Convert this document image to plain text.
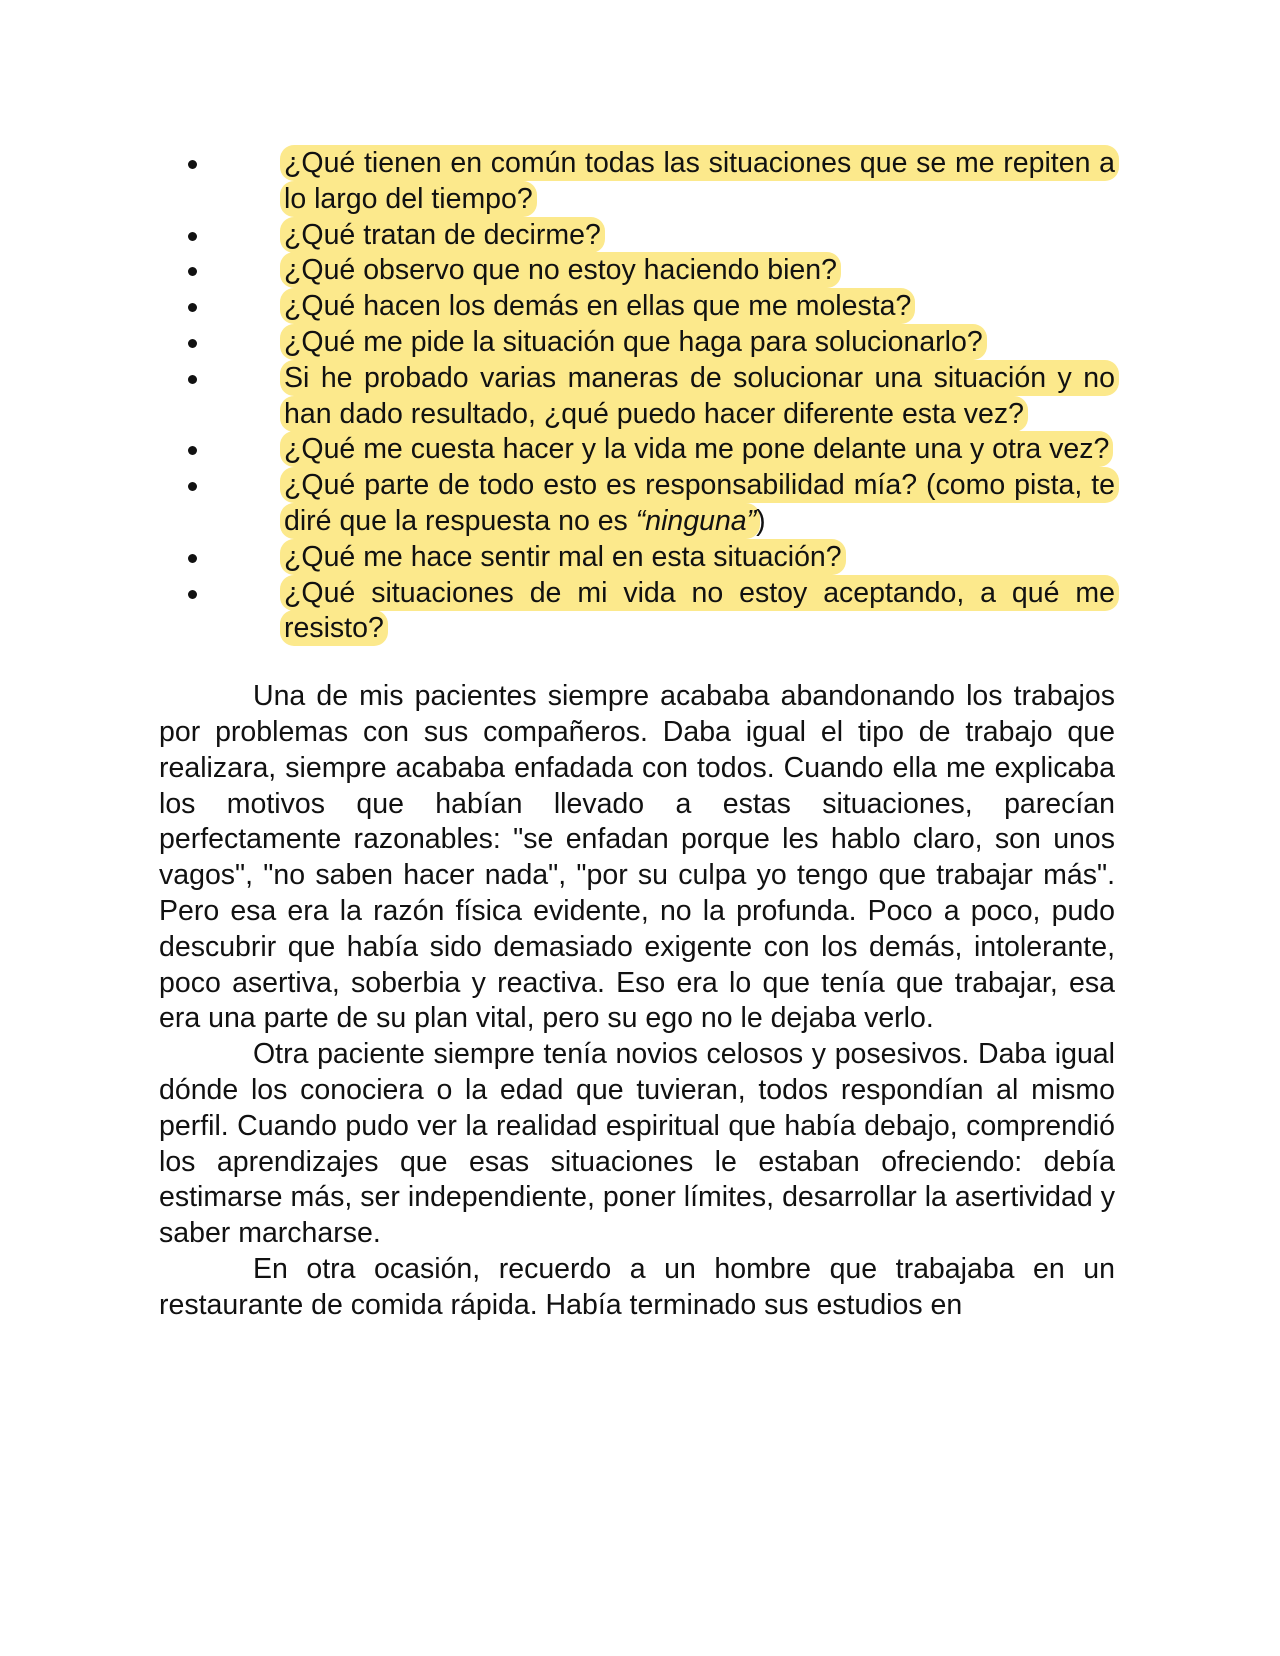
¿Qué tienen en común todas las situaciones que se me repiten a lo largo del tiempo?
¿Qué tratan de decirme?
¿Qué observo que no estoy haciendo bien?
¿Qué hacen los demás en ellas que me molesta?
¿Qué me pide la situación que haga para solucionarlo?
Si he probado varias maneras de solucionar una situación y no han dado resultado, ¿qué puedo hacer diferente esta vez?
¿Qué me cuesta hacer y la vida me pone delante una y otra vez?
¿Qué parte de todo esto es responsabilidad mía? (como pista, te diré que la respuesta no es “ninguna”)
¿Qué me hace sentir mal en esta situación?
¿Qué situaciones de mi vida no estoy aceptando, a qué me resisto?

Una de mis pacientes siempre acababa abandonando los trabajos por problemas con sus compañeros. Daba igual el tipo de trabajo que realizara, siempre acababa enfadada con todos. Cuando ella me explicaba los motivos que habían llevado a estas situaciones, parecían perfectamente razonables: "se enfadan porque les hablo claro, son unos vagos", "no saben hacer nada", "por su culpa yo tengo que trabajar más". Pero esa era la razón física evidente, no la profunda. Poco a poco, pudo descubrir que había sido demasiado exigente con los demás, intolerante, poco asertiva, soberbia y reactiva. Eso era lo que tenía que trabajar, esa era una parte de su plan vital, pero su ego no le dejaba verlo.

Otra paciente siempre tenía novios celosos y posesivos. Daba igual dónde los conociera o la edad que tuvieran, todos respondían al mismo perfil. Cuando pudo ver la realidad espiritual que había debajo, comprendió los aprendizajes que esas situaciones le estaban ofreciendo: debía estimarse más, ser independiente, poner límites, desarrollar la asertividad y saber marcharse.

En otra ocasión, recuerdo a un hombre que trabajaba en un restaurante de comida rápida. Había terminado sus estudios en
